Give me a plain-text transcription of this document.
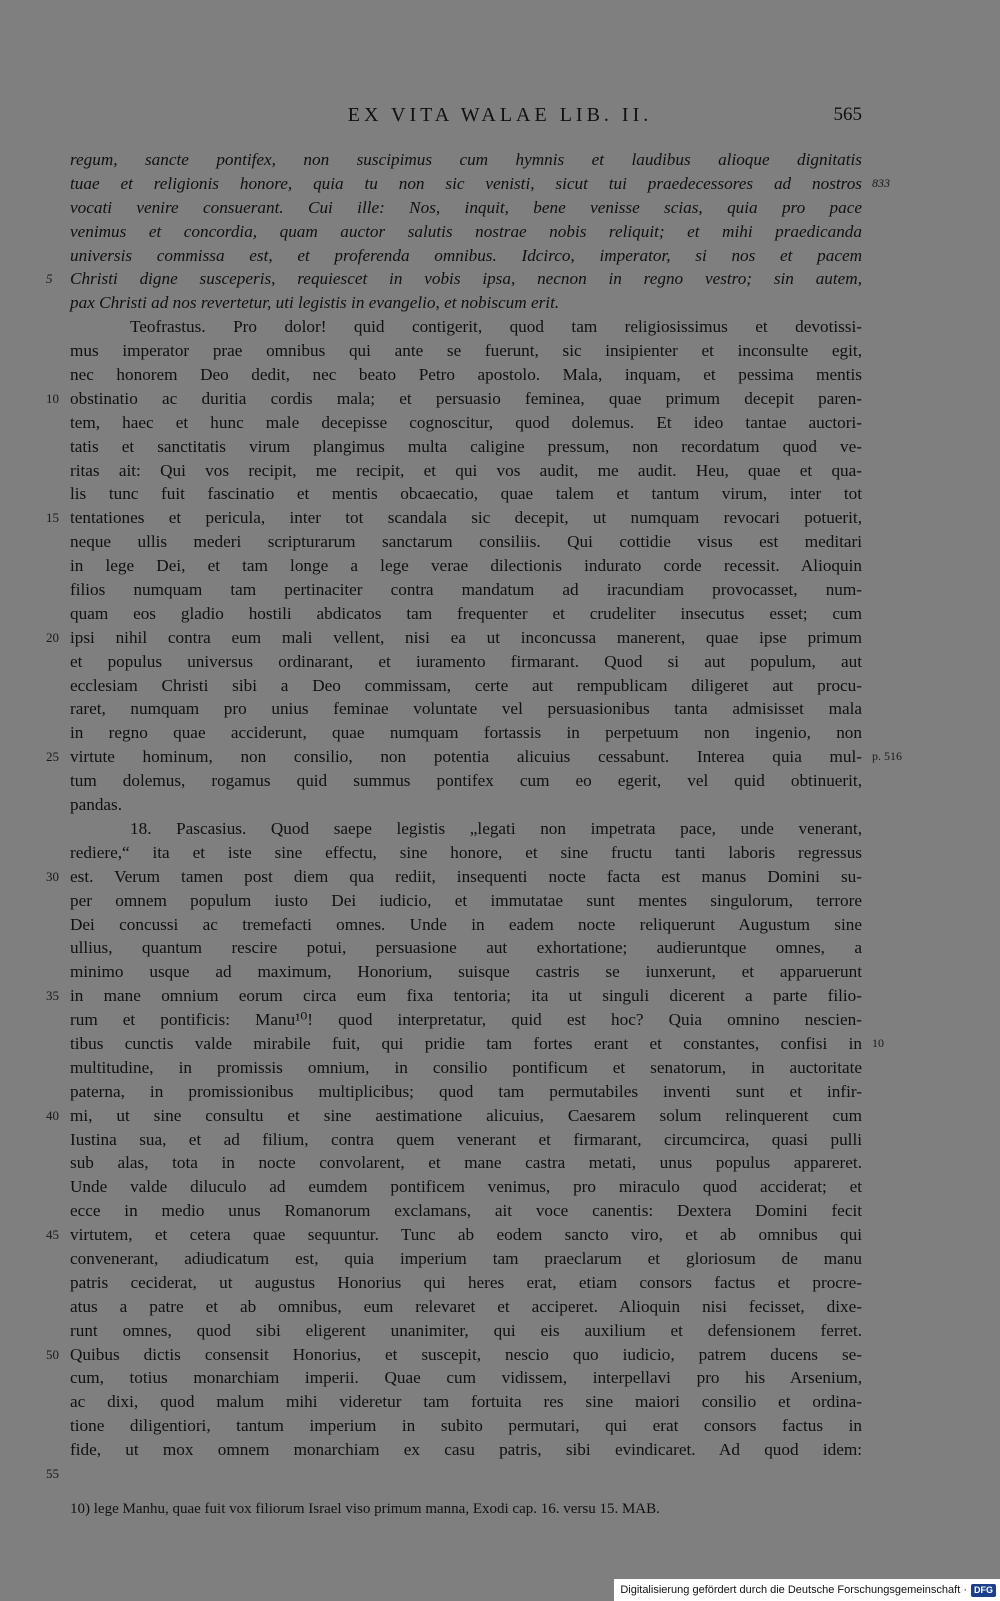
EX VITA WALAE LIB. II.	565
regum, sancte pontifex, non suscipimus cum hymnis et laudibus alioque dignitatis
833
tuae et religionis honore, quia tu non sic venisti, sicut tui praedecessores ad nostros
vocati venire consuerant. Cui ille: Nos, inquit, bene venisse scias, quia pro pace
venimus et concordia, quam auctor salutis nostrae nobis reliquit; et mihi praedicanda
universis commissa est, et proferenda omnibus. Idcirco, imperator, si nos et pacem
5	Christi digne susceperis, requiescet in vobis ipsa, necnon in regno vestro; sin autem,
pax Christi ad nos revertetur, uti legistis in evangelio, et nobiscum erit.
Teofrastus. Pro dolor! quid contigerit, quod tam religiosissimus et devotissi-
mus imperator prae omnibus qui ante se fuerunt, sic insipienter et inconsulte egit,
nec honorem Deo dedit, nec beato Petro apostolo. Mala, inquam, et pessima mentis
10 obstinatio ac duritia cordis mala; et persuasio feminea, quae primum decepit paren-
tem, haec et hunc male decepisse cognoscitur, quod dolemus. Et ideo tantae auctori-
tatis et sanctitatis virum plangimus multa caligine pressum, non recordatum quod ve-
ritas ait: Qui vos recipit, me recipit, et qui vos audit, me audit. Heu, quae et qua-
lis tunc fuit fascinatio et mentis obcaecatio, quae talem et tantum virum, inter tot
15 tentationes et pericula, inter tot scandala sic decepit, ut numquam revocari potuerit,
neque ullis mederi scripturarum sanctarum consiliis. Qui cottidie visus est meditari
in lege Dei, et tam longe a lege verae dilectionis indurato corde recessit. Alioquin
filios numquam tam pertinaciter contra mandatum ad iracundiam provocasset, num-
quam eos gladio hostili abdicatos tam frequenter et crudeliter insecutus esset; cum
20 ipsi nihil contra eum mali vellent, nisi ea ut inconcussa manerent, quae ipse primum
et populus universus ordinarant, et iuramento firmarant. Quod si aut populum, aut
ecclesiam Christi sibi a Deo commissam, certe aut rempublicam diligeret aut procu-
raret, numquam pro unius feminae voluntate vel persuasionibus tanta admisisset mala
in regno quae acciderunt, quae numquam fortassis in perpetuum non ingenio, non
25	p. 516
virtute hominum, non consilio, non potentia alicuius cessabunt. Interea quia mul-
tum dolemus, rogamus quid summus pontifex cum eo egerit, vel quid obtinuerit,
pandas.
18. Pascasius. Quod saepe legistis „legati non impetrata pace, unde venerant,
rediere,“ ita et iste sine effectu, sine honore, et sine fructu tanti laboris regressus
30 est. Verum tamen post diem qua rediit, insequenti nocte facta est manus Domini su-
per omnem populum iusto Dei iudicio, et immutatae sunt mentes singulorum, terrore
Dei concussi ac tremefacti omnes. Unde in eadem nocte reliquerunt Augustum sine
ullius, quantum rescire potui, persuasione aut exhortatione; audieruntque omnes, a
minimo usque ad maximum, Honorium, suisque castris se iunxerunt, et apparuerunt
35 in mane omnium eorum circa eum fixa tentoria; ita ut singuli dicerent a parte filio-
rum et pontificis: Manu¹⁰! quod interpretatur, quid est hoc? Quia omnino nescien-
10
tibus cunctis valde mirabile fuit, qui pridie tam fortes erant et constantes, confisi in
multitudine, in promissis omnium, in consilio pontificum et senatorum, in auctoritate
paterna, in promissionibus multiplicibus; quod tam permutabiles inventi sunt et infir-
40 mi, ut sine consultu et sine aestimatione alicuius, Caesarem solum relinquerent cum
Iustina sua, et ad filium, contra quem venerant et firmarant, circumcirca, quasi pulli
sub alas, tota in nocte convolarent, et mane castra metati, unus populus appareret.
Unde valde diluculo ad eumdem pontificem venimus, pro miraculo quod acciderat; et
ecce in medio unus Romanorum exclamans, ait voce canentis: Dextera Domini fecit
45 virtutem, et cetera quae sequuntur. Tunc ab eodem sancto viro, et ab omnibus qui
convenerant, adiudicatum est, quia imperium tam praeclarum et gloriosum de manu
patris ceciderat, ut augustus Honorius qui heres erat, etiam consors factus et procre-
atus a patre et ab omnibus, eum relevaret et acciperet. Alioquin nisi fecisset, dixe-
runt omnes, quod sibi eligerent unanimiter, qui eis auxilium et defensionem ferret.
50 Quibus dictis consensit Honorius, et suscepit, nescio quo iudicio, patrem ducens se-
cum, totius monarchiam imperii. Quae cum vidissem, interpellavi pro his Arsenium,
ac dixi, quod malum mihi videretur tam fortuita res sine maiori consilio et ordina-
tione diligentiori, tantum imperium in subito permutari, qui erat consors factus in
fide, ut mox omnem monarchiam ex casu patris, sibi evindicaret. Ad quod idem:
55
10) lege Manhu, quae fuit vox filiorum Israel viso primum manna, Exodi cap. 16. versu 15. MAB.
Digitalisierung gefördert durch die Deutsche Forschungsgemeinschaft · DFG
